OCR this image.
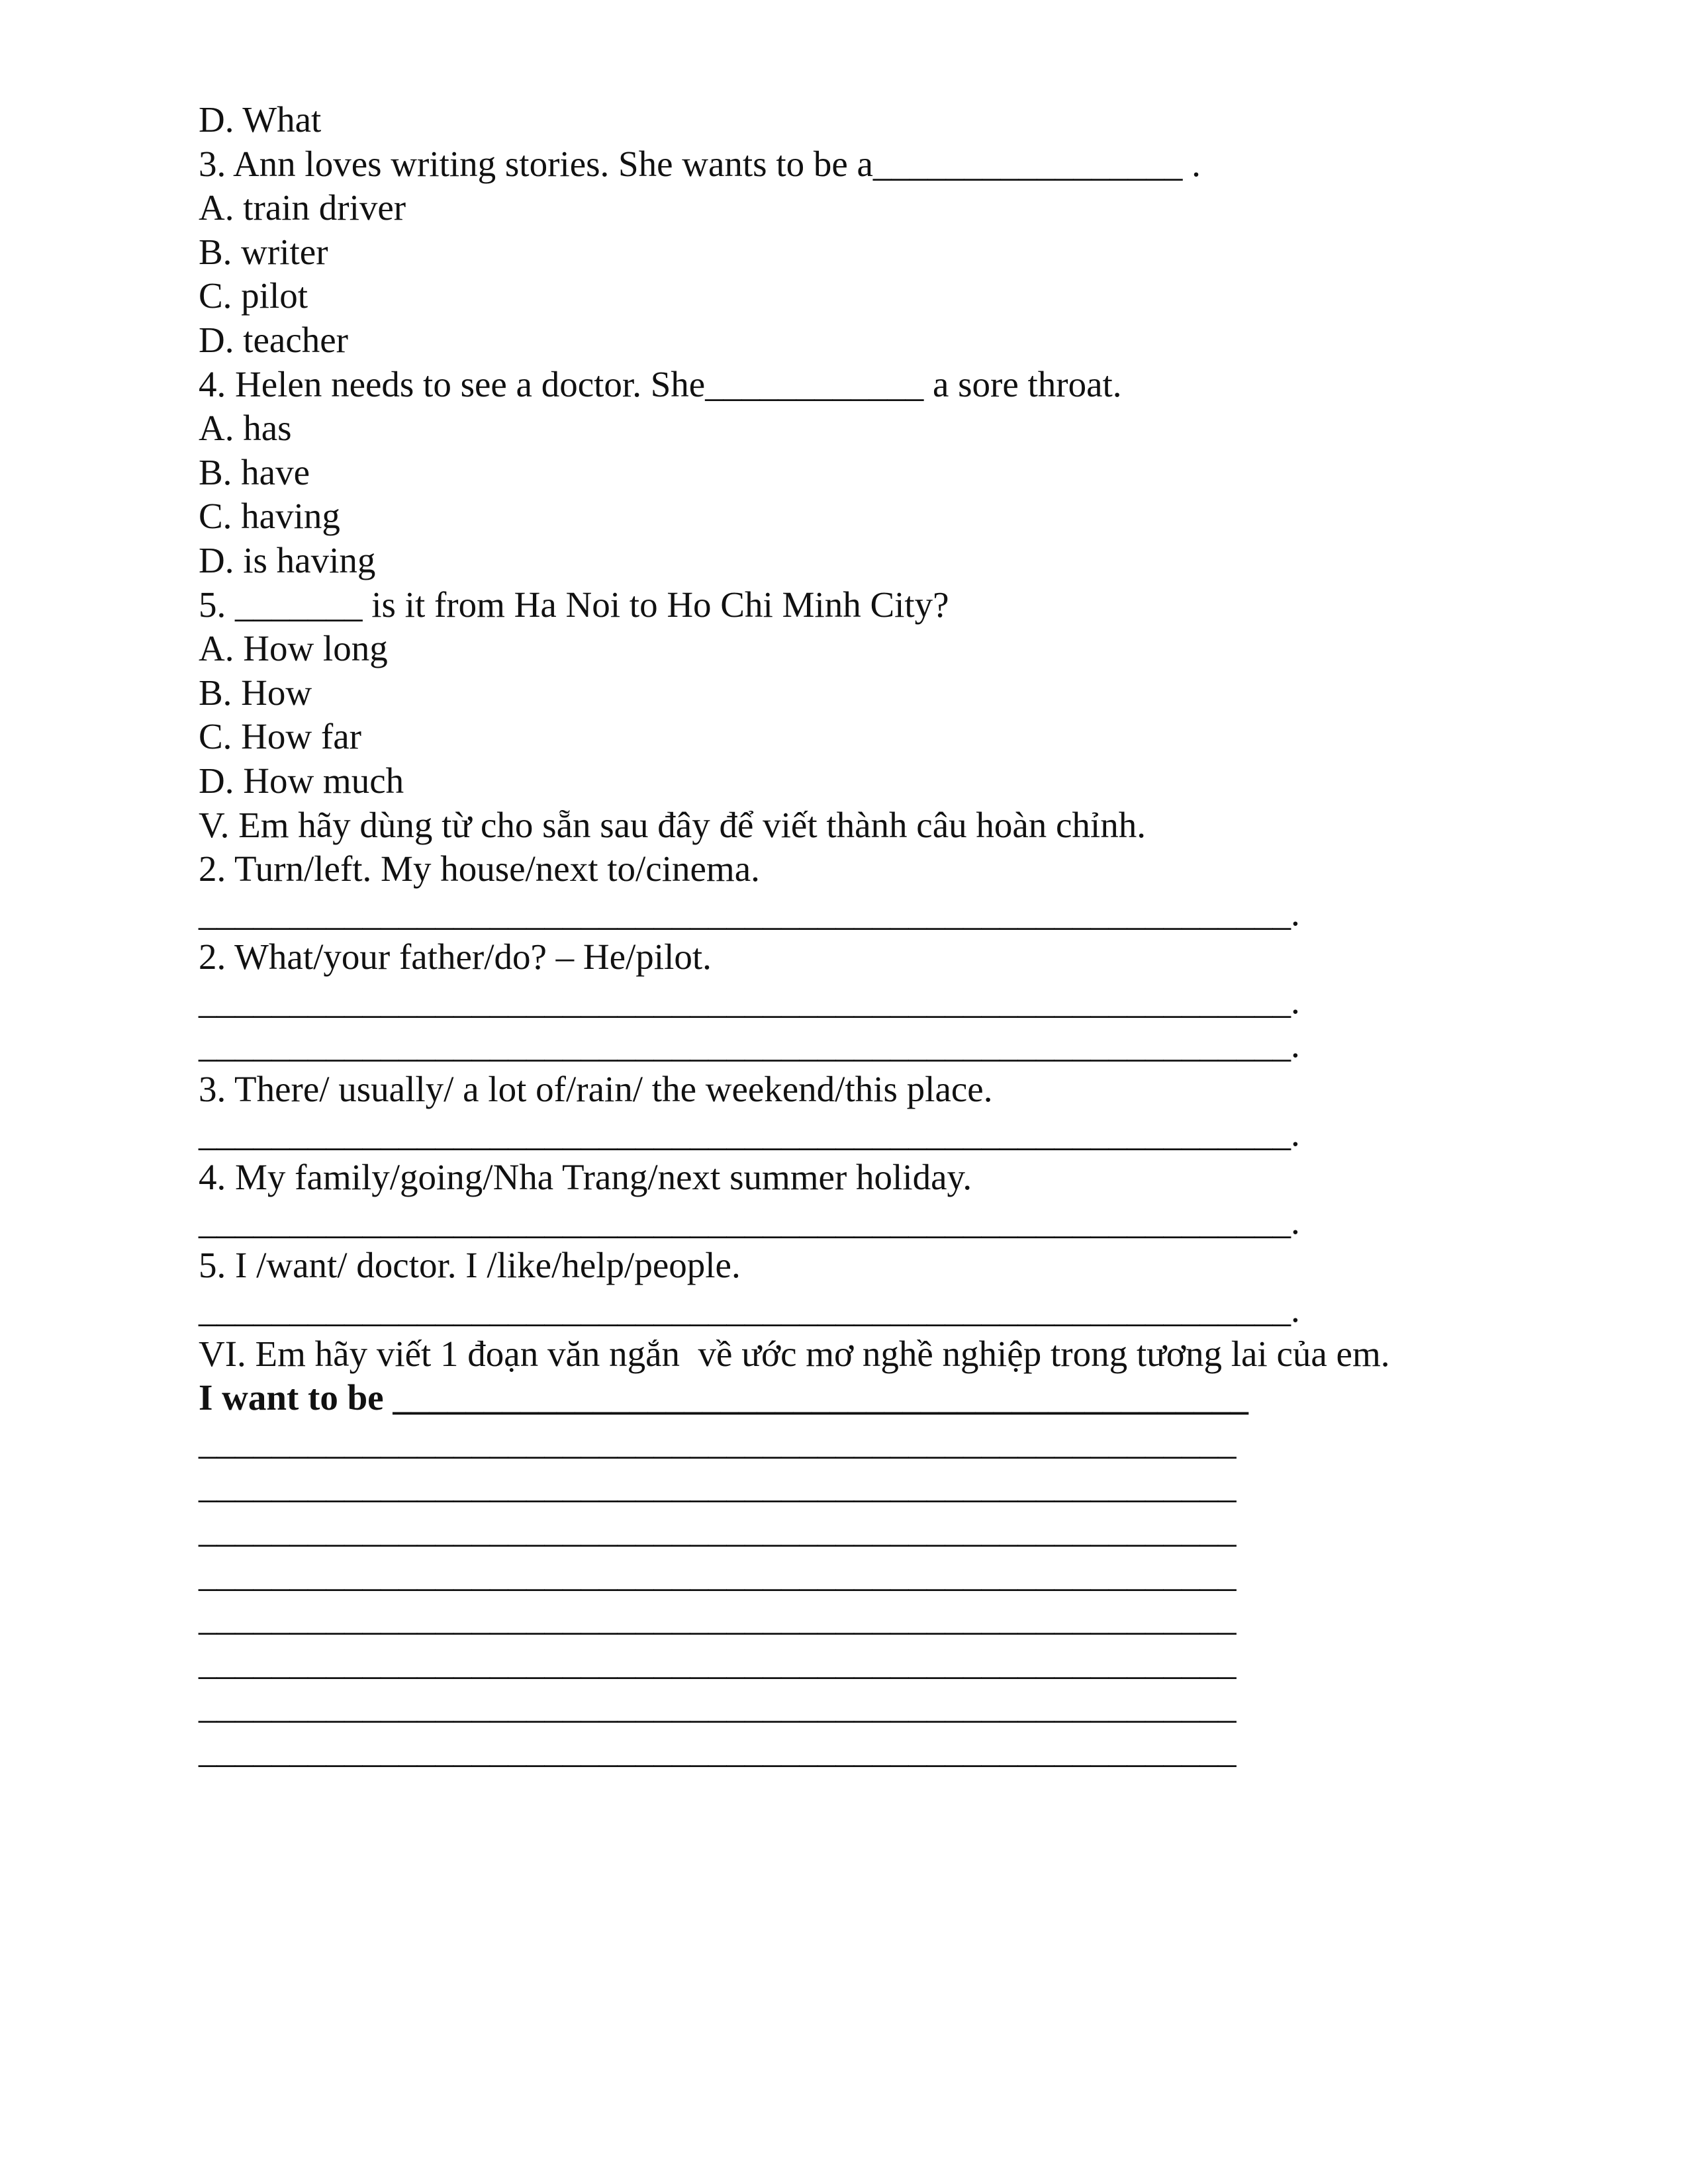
D. What
3. Ann loves writing stories. She wants to be a_________________ .
A. train driver
B. writer
C. pilot
D. teacher
4. Helen needs to see a doctor. She____________ a sore throat.
A. has
B. have
C. having
D. is having
5. _______ is it from Ha Noi to Ho Chi Minh City?
A. How long
B. How
C. How far
D. How much
V. Em hãy dùng từ cho sẵn sau đây để viết thành câu hoàn chỉnh.
2. Turn/left. My house/next to/cinema.
____________________________________________________________.
2. What/your father/do? – He/pilot.
____________________________________________________________.
____________________________________________________________.
3. There/ usually/ a lot of/rain/ the weekend/this place.
____________________________________________________________.
4. My family/going/Nha Trang/next summer holiday.
____________________________________________________________.
5. I /want/ doctor. I /like/help/people.
____________________________________________________________.
VI. Em hãy viết 1 đoạn văn ngắn  về ước mơ nghề nghiệp trong tương lai của em.
I want to be _______________________________________________
_________________________________________________________
_________________________________________________________
_________________________________________________________
_________________________________________________________
_________________________________________________________
_________________________________________________________
_________________________________________________________
_________________________________________________________
